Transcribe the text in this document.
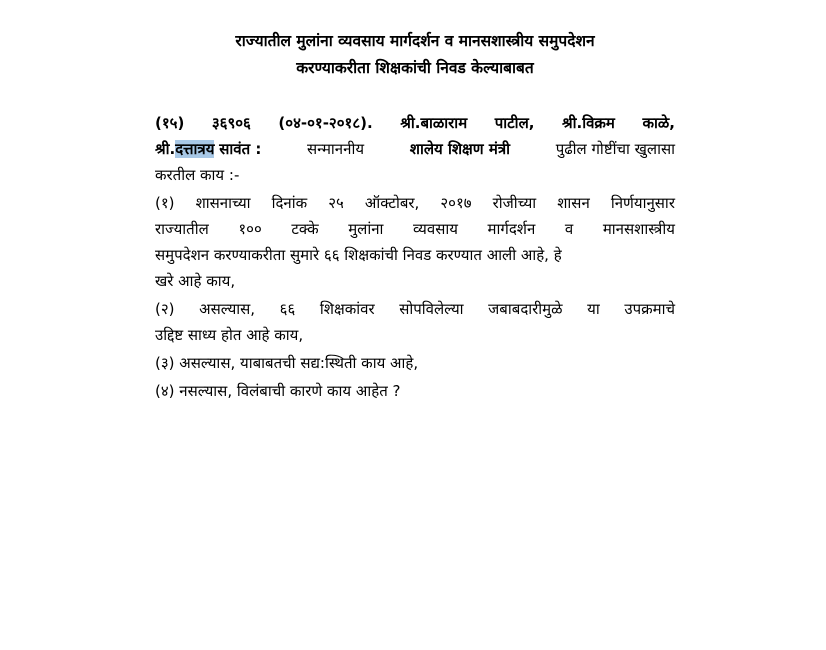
राज्यातील मुलांना व्यवसाय मार्गदर्शन व मानसशास्त्रीय समुपदेशन
करण्याकरीता शिक्षकांची निवड केल्याबाबत
(१५) ३६९०६ (०४-०१-२०१८). श्री.बाळाराम पाटील, श्री.विक्रम काळे,
श्री.दत्तात्रय सावंत :	सन्माननीय	शालेय शिक्षण मंत्री	पुढील गोष्टींचा खुलासा
करतील काय :-
(१) शासनाच्या दिनांक २५ ऑक्टोबर, २०१७ रोजीच्या शासन निर्णयानुसार
राज्यातील १०० टक्के मुलांना व्यवसाय मार्गदर्शन व मानसशास्त्रीय
समुपदेशन करण्याकरीता सुमारे ६६ शिक्षकांची निवड करण्यात आली आहे, हे
खरे आहे काय,
(२) असल्यास, ६६ शिक्षकांवर सोपविलेल्या जबाबदारीमुळे या उपक्रमाचे
उद्दिष्ट साध्य होत आहे काय,
(३) असल्यास, याबाबतची सद्य:स्थिती काय आहे,
(४) नसल्यास, विलंबाची कारणे काय आहेत ?
